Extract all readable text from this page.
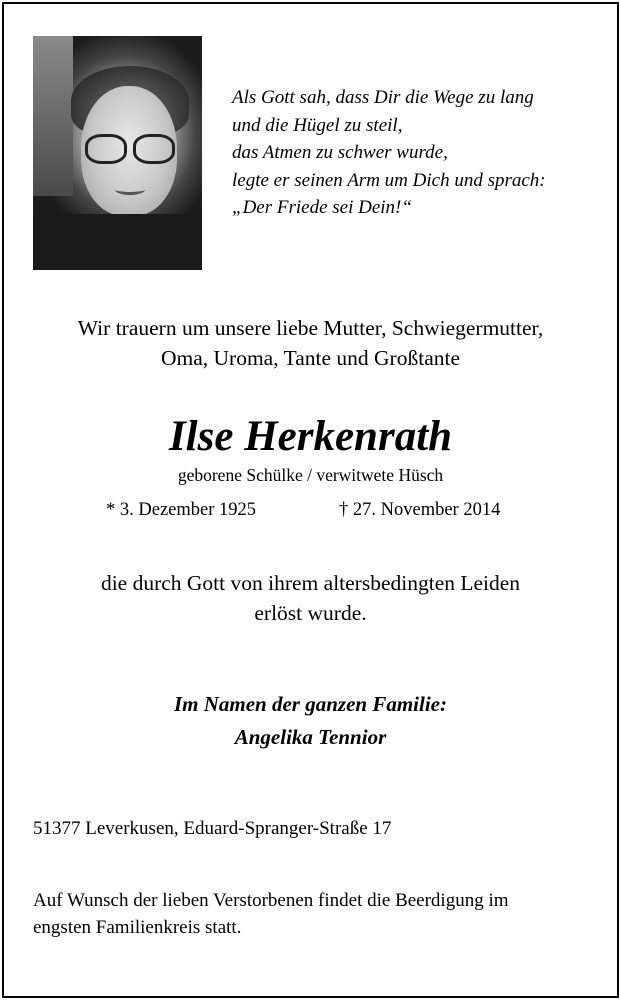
Als Gott sah, dass Dir die Wege zu lang
und die Hügel zu steil,
das Atmen zu schwer wurde,
legte er seinen Arm um Dich und sprach:
„Der Friede sei Dein!“
Wir trauern um unsere liebe Mutter, Schwiegermutter,
Oma, Uroma, Tante und Großtante
Ilse Herkenrath
geborene Schülke / verwitwete Hüsch
* 3. Dezember 1925	† 27. November 2014
die durch Gott von ihrem altersbedingten Leiden
erlöst wurde.
Im Namen der ganzen Familie:
Angelika Tennior
51377 Leverkusen, Eduard-Spranger-Straße 17
Auf Wunsch der lieben Verstorbenen findet die Beerdigung im
engsten Familienkreis statt.
